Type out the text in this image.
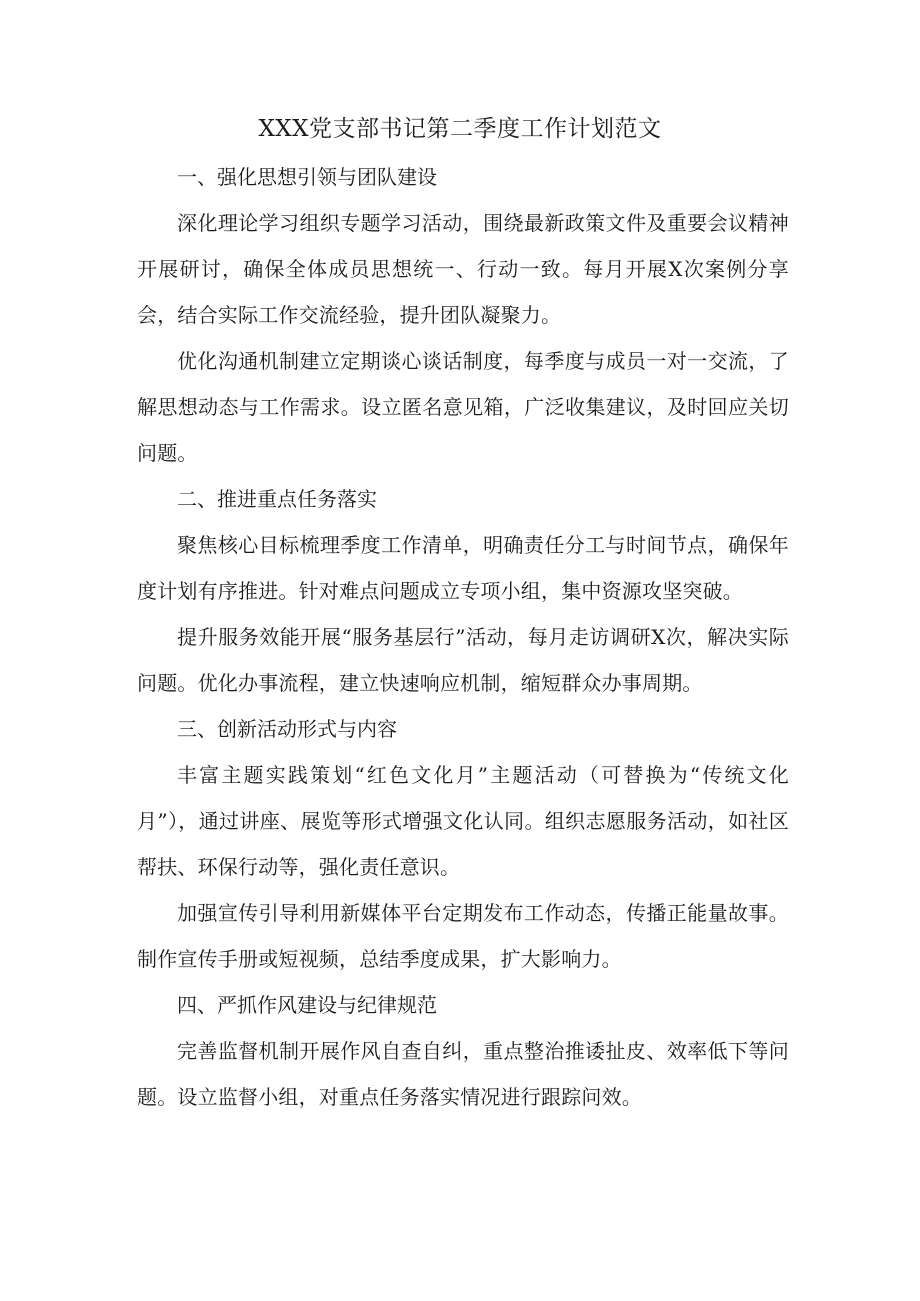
XXX党支部书记第二季度工作计划范文

一、强化思想引领与团队建设

深化理论学习组织专题学习活动，围绕最新政策文件及重要会议精神开展研讨，确保全体成员思想统一、行动一致。每月开展X次案例分享会，结合实际工作交流经验，提升团队凝聚力。

优化沟通机制建立定期谈心谈话制度，每季度与成员一对一交流，了解思想动态与工作需求。设立匿名意见箱，广泛收集建议，及时回应关切问题。

二、推进重点任务落实

聚焦核心目标梳理季度工作清单，明确责任分工与时间节点，确保年度计划有序推进。针对难点问题成立专项小组，集中资源攻坚突破。

提升服务效能开展“服务基层行”活动，每月走访调研X次，解决实际问题。优化办事流程，建立快速响应机制，缩短群众办事周期。

三、创新活动形式与内容

丰富主题实践策划“红色文化月”主题活动（可替换为“传统文化月”），通过讲座、展览等形式增强文化认同。组织志愿服务活动，如社区帮扶、环保行动等，强化责任意识。

加强宣传引导利用新媒体平台定期发布工作动态，传播正能量故事。制作宣传手册或短视频，总结季度成果，扩大影响力。

四、严抓作风建设与纪律规范

完善监督机制开展作风自查自纠，重点整治推诿扯皮、效率低下等问题。设立监督小组，对重点任务落实情况进行跟踪问效。
